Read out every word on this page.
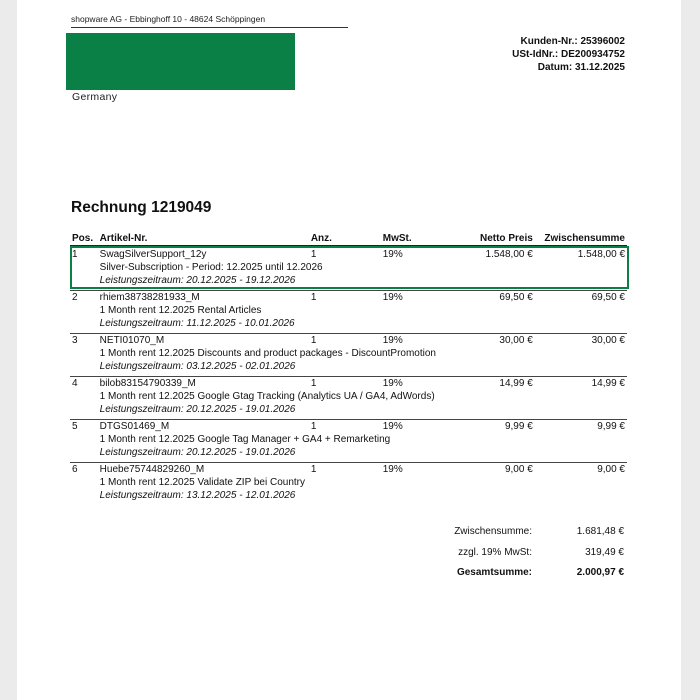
shopware AG - Ebbinghoff 10 - 48624 Schöppingen
Germany
Kunden-Nr.: 25396002
USt-IdNr.: DE200934752
Datum: 31.12.2025
Rechnung 1219049
Pos.	Artikel-Nr.	Anz.	MwSt.	Netto Preis	Zwischensumme
1	SwagSilverSupport_12y	1	19%	1.548,00 €	1.548,00 €
	Silver-Subscription - Period: 12.2025 until 12.2026				
	Leistungszeitraum: 20.12.2025 - 19.12.2026				
2	rhiem38738281933_M	1	19%	69,50 €	69,50 €
	1 Month rent 12.2025 Rental Articles				
	Leistungszeitraum: 11.12.2025 - 10.01.2026				
3	NETI01070_M	1	19%	30,00 €	30,00 €
	1 Month rent 12.2025 Discounts and product packages - DiscountPromotion				
	Leistungszeitraum: 03.12.2025 - 02.01.2026				
4	bilob83154790339_M	1	19%	14,99 €	14,99 €
	1 Month rent 12.2025 Google Gtag Tracking (Analytics UA / GA4, AdWords)				
	Leistungszeitraum: 20.12.2025 - 19.01.2026				
5	DTGS01469_M	1	19%	9,99 €	9,99 €
	1 Month rent 12.2025 Google Tag Manager + GA4 + Remarketing				
	Leistungszeitraum: 20.12.2025 - 19.01.2026				
6	Huebe75744829260_M	1	19%	9,00 €	9,00 €
	1 Month rent 12.2025 Validate ZIP bei Country				
	Leistungszeitraum: 13.12.2025 - 12.01.2026				
Zwischensumme:	1.681,48 €
zzgl. 19% MwSt:	319,49 €
Gesamtsumme:	2.000,97 €
